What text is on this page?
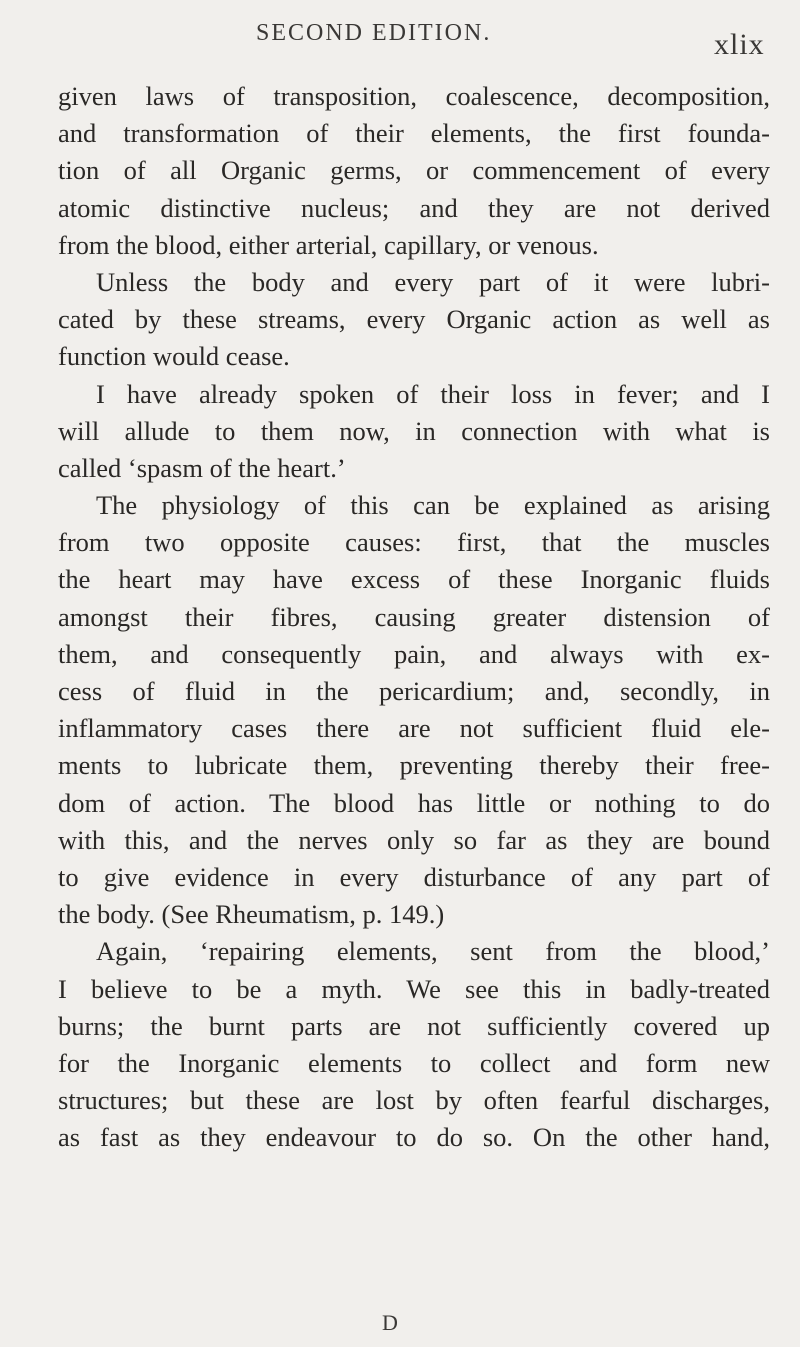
SECOND EDITION.	xlix
given laws of transposition, coalescence, decomposition,
and transformation of their elements, the first founda-
tion of all Organic germs, or commencement of every
atomic distinctive nucleus; and they are not derived
from the blood, either arterial, capillary, or venous.
Unless the body and every part of it were lubri-
cated by these streams, every Organic action as well as
function would cease.
I have already spoken of their loss in fever; and I
will allude to them now, in connection with what is
called ‘spasm of the heart.’
The physiology of this can be explained as arising
from two opposite causes: first, that the muscles
the heart may have excess of these Inorganic fluids
amongst their fibres, causing greater distension of
them, and consequently pain, and always with ex-
cess of fluid in the pericardium; and, secondly, in
inflammatory cases there are not sufficient fluid ele-
ments to lubricate them, preventing thereby their free-
dom of action. The blood has little or nothing to do
with this, and the nerves only so far as they are bound
to give evidence in every disturbance of any part of
the body. (See Rheumatism, p. 149.)
Again, ‘repairing elements, sent from the blood,’
I believe to be a myth. We see this in badly-treated
burns; the burnt parts are not sufficiently covered up
for the Inorganic elements to collect and form new
structures; but these are lost by often fearful discharges,
as fast as they endeavour to do so. On the other hand,
D
